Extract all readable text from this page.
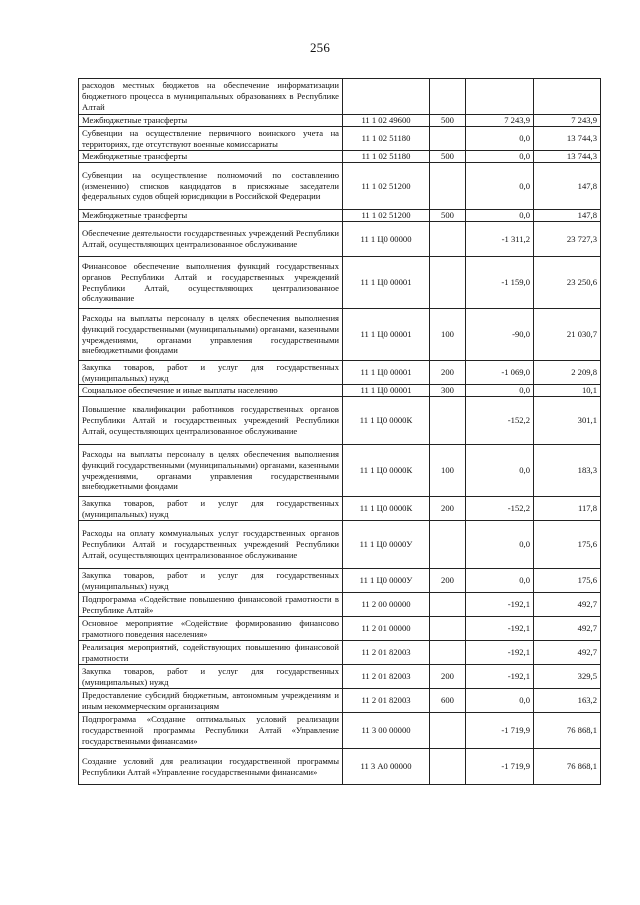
256
расходов местных бюджетов на обеспечение информатизации бюджетного процесса в муниципальных образованиях в Республике Алтай				
Межбюджетные трансферты	11 1 02 49600	500	7 243,9	7 243,9
Субвенции на осуществление первичного воинского учета на территориях, где отсутствуют военные комиссариаты	11 1 02 51180		0,0	13 744,3
Межбюджетные трансферты	11 1 02 51180	500	0,0	13 744,3
Субвенции на осуществление полномочий по составлению (изменению) списков кандидатов в присяжные заседатели федеральных судов общей юрисдикции в Российской Федерации	11 1 02 51200		0,0	147,8
Межбюджетные трансферты	11 1 02 51200	500	0,0	147,8
Обеспечение деятельности государственных учреждений Республики Алтай, осуществляющих централизованное обслуживание	11 1 Ц0 00000		-1 311,2	23 727,3
Финансовое обеспечение выполнения функций государственных органов Республики Алтай и государственных учреждений Республики Алтай, осуществляющих централизованное обслуживание	11 1 Ц0 00001		-1 159,0	23 250,6
Расходы на выплаты персоналу в целях обеспечения выполнения функций государственными (муниципальными) органами, казенными учреждениями, органами управления государственными внебюджетными фондами	11 1 Ц0 00001	100	-90,0	21 030,7
Закупка товаров, работ и услуг для государственных (муниципальных) нужд	11 1 Ц0 00001	200	-1 069,0	2 209,8
Социальное обеспечение и иные выплаты населению	11 1 Ц0 00001	300	0,0	10,1
Повышение квалификации работников государственных органов Республики Алтай и государственных учреждений Республики Алтай, осуществляющих централизованное обслуживание	11 1 Ц0 0000К		-152,2	301,1
Расходы на выплаты персоналу в целях обеспечения выполнения функций государственными (муниципальными) органами, казенными учреждениями, органами управления государственными внебюджетными фондами	11 1 Ц0 0000К	100	0,0	183,3
Закупка товаров, работ и услуг для государственных (муниципальных) нужд	11 1 Ц0 0000К	200	-152,2	117,8
Расходы на оплату коммунальных услуг государственных органов Республики Алтай и государственных учреждений Республики Алтай, осуществляющих централизованное обслуживание	11 1 Ц0 0000У		0,0	175,6
Закупка товаров, работ и услуг для государственных (муниципальных) нужд	11 1 Ц0 0000У	200	0,0	175,6
Подпрограмма «Содействие повышению финансовой грамотности в Республике Алтай»	11 2 00 00000		-192,1	492,7
Основное мероприятие «Содействие формированию финансово грамотного поведения населения»	11 2 01 00000		-192,1	492,7
Реализация мероприятий, содействующих повышению финансовой грамотности	11 2 01 82003		-192,1	492,7
Закупка товаров, работ и услуг для государственных (муниципальных) нужд	11 2 01 82003	200	-192,1	329,5
Предоставление субсидий бюджетным, автономным учреждениям и иным некоммерческим организациям	11 2 01 82003	600	0,0	163,2
Подпрограмма «Создание оптимальных условий реализации государственной программы Республики Алтай «Управление государственными финансами»	11 3 00 00000		-1 719,9	76 868,1
Создание условий для реализации государственной программы Республики Алтай «Управление государственными финансами»	11 3 А0 00000		-1 719,9	76 868,1
